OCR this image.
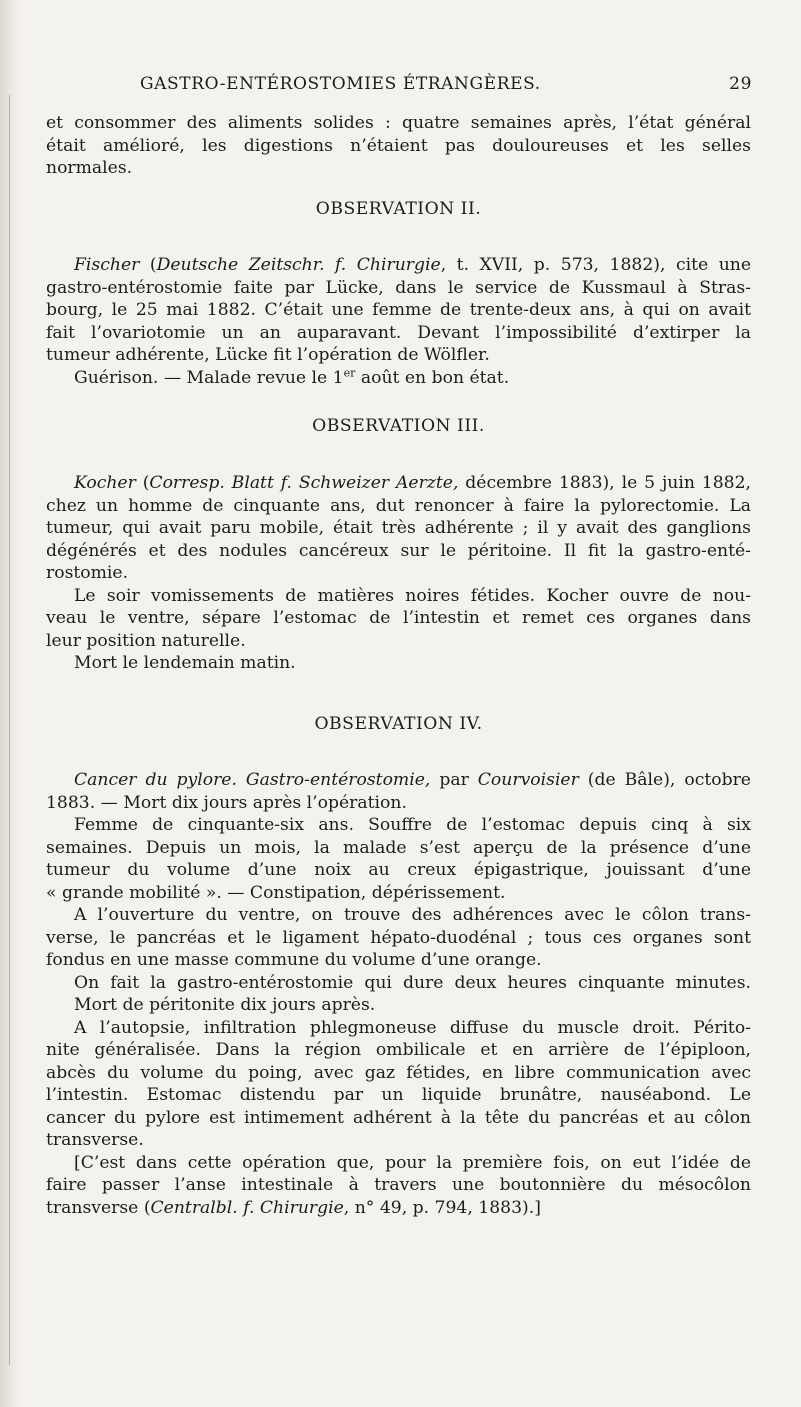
GASTRO-ENTÉROSTOMIES ÉTRANGÈRES.	29
et consommer des aliments solides : quatre semaines après, l’état général
était amélioré, les digestions n’étaient pas douloureuses et les selles
normales.
OBSERVATION II.
Fischer (Deutsche Zeitschr. f. Chirurgie, t. XVII, p. 573, 1882), cite une
gastro-entérostomie faite par Lücke, dans le service de Kussmaul à Stras-
bourg, le 25 mai 1882. C’était une femme de trente-deux ans, à qui on avait
fait l’ovariotomie un an auparavant. Devant l’impossibilité d’extirper la
tumeur adhérente, Lücke fit l’opération de Wölfler.
Guérison. — Malade revue le 1er août en bon état.
OBSERVATION III.
Kocher (Corresp. Blatt f. Schweizer Aerzte, décembre 1883), le 5 juin 1882,
chez un homme de cinquante ans, dut renoncer à faire la pylorectomie. La
tumeur, qui avait paru mobile, était très adhérente ; il y avait des ganglions
dégénérés et des nodules cancéreux sur le péritoine. Il fit la gastro-enté-
rostomie.
Le soir vomissements de matières noires fétides. Kocher ouvre de nou-
veau le ventre, sépare l’estomac de l’intestin et remet ces organes dans
leur position naturelle.
Mort le lendemain matin.
OBSERVATION IV.
Cancer du pylore. Gastro-entérostomie, par Courvoisier (de Bâle), octobre
1883. — Mort dix jours après l’opération.
Femme de cinquante-six ans. Souffre de l’estomac depuis cinq à six
semaines. Depuis un mois, la malade s’est aperçu de la présence d’une
tumeur du volume d’une noix au creux épigastrique, jouissant d’une
« grande mobilité ». — Constipation, dépérissement.
A l’ouverture du ventre, on trouve des adhérences avec le côlon trans-
verse, le pancréas et le ligament hépato-duodénal ; tous ces organes sont
fondus en une masse commune du volume d’une orange.
On fait la gastro-entérostomie qui dure deux heures cinquante minutes.
Mort de péritonite dix jours après.
A l’autopsie, infiltration phlegmoneuse diffuse du muscle droit. Périto-
nite généralisée. Dans la région ombilicale et en arrière de l’épiploon,
abcès du volume du poing, avec gaz fétides, en libre communication avec
l’intestin. Estomac distendu par un liquide brunâtre, nauséabond. Le
cancer du pylore est intimement adhérent à la tête du pancréas et au côlon
transverse.
[C’est dans cette opération que, pour la première fois, on eut l’idée de
faire passer l’anse intestinale à travers une boutonnière du mésocôlon
transverse (Centralbl. f. Chirurgie, n° 49, p. 794, 1883).]
